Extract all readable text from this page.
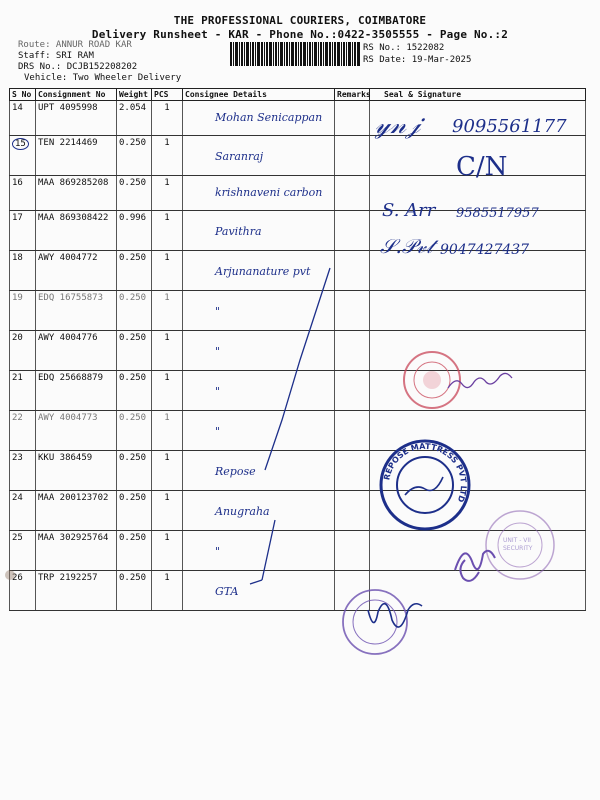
THE PROFESSIONAL COURIERS, COIMBATORE
Delivery Runsheet - KAR - Phone No.:0422-3505555 - Page No.:2
Route: ANNUR ROAD KAR
Staff: SRI RAM
DRS No.: DCJB152208202
Vehicle: Two Wheeler Delivery
RS No.: 1522082
RS Date: 19-Mar-2025
S No	Consignment No	Weight	PCS	Consignee Details	Remarks	Seal & Signature
14	UPT 4095998	2.054	1	Mohan Senicappan		
15	TEN 2214469	0.250	1	Saranraj		
16	MAA 869285208	0.250	1	krishnaveni carbon		
17	MAA 869308422	0.996	1	Pavithra		
18	AWY 4004772	0.250	1	Arjunanature pvt		
19	EDQ 16755873	0.250	1	"		
20	AWY 4004776	0.250	1	"		
21	EDQ 25668879	0.250	1	"		
22	AWY 4004773	0.250	1	"		
23	KKU 386459	0.250	1	Repose		
24	MAA 200123702	0.250	1	Anugraha		
25	MAA 302925764	0.250	1	"		
26	TRP 2192257	0.250	1	GTA		
𝓎𝓃𝒿 9095561177
C/N
S. Arr 9585517957
𝒮.𝒫𝓋𝓉 9047427437
REPOSE MATTRESS PVT LTD
UNIT - VII
SECURITY
